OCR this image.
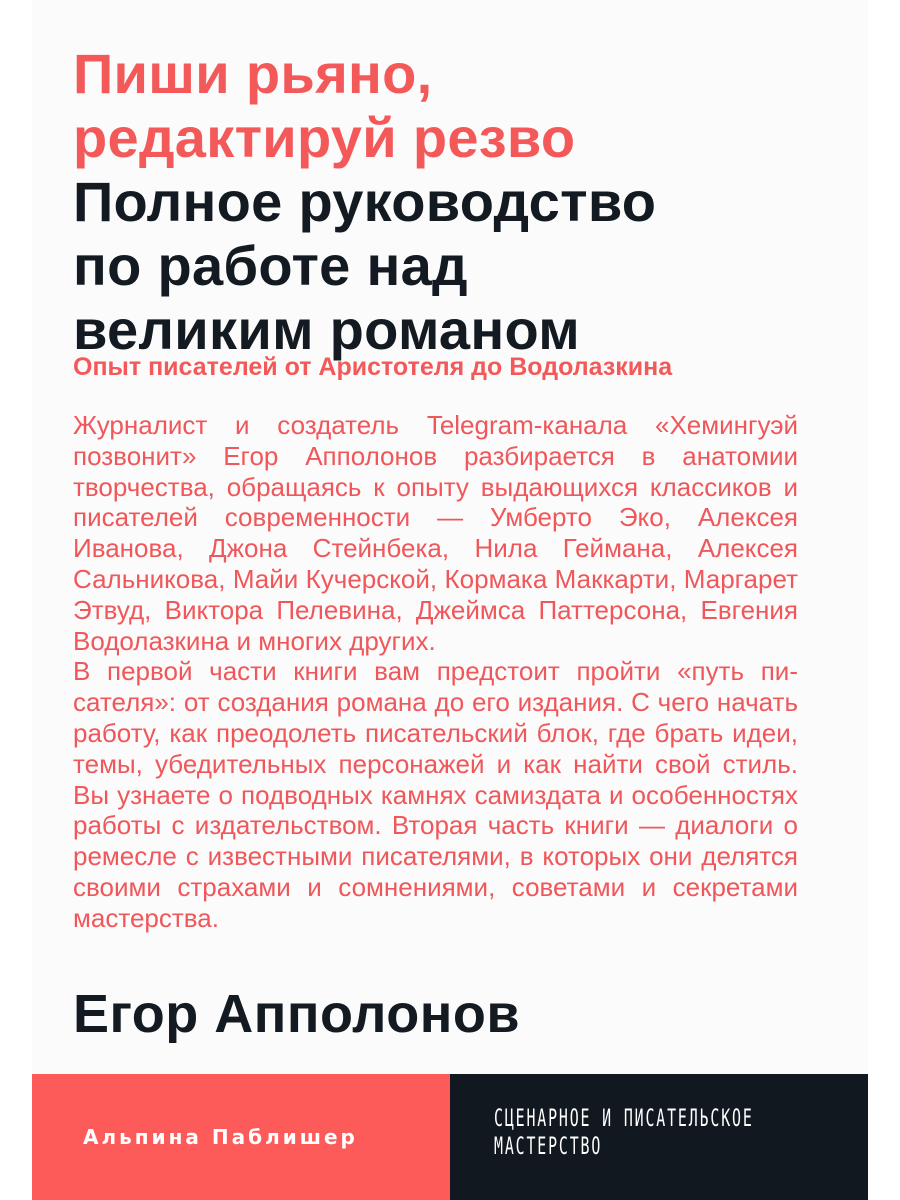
Пиши рьяно,
редактируй резво
Полное руководство
по работе над
великим романом
Опыт писателей от Аристотеля до Водолазкина

Журналист и создатель Telegram-канала «Хемингуэй позвонит» Егор Апполонов разбирается в анатомии творчества, обращаясь к опыту выдающихся классиков и писателей современности — Умберто Эко, Алексея Иванова, Джона Стейнбека, Нила Геймана, Алексея Сальникова, Майи Кучерской, Кормака Маккарти, Маргарет Этвуд, Виктора Пелевина, Джеймса Паттерсона, Евгения Водолазкина и многих других.

В первой части книги вам предстоит пройти «путь писателя»: от создания романа до его издания. С чего начать работу, как преодолеть писательский блок, где брать идеи, темы, убедительных персонажей и как найти свой стиль. Вы узнаете о подводных камнях самиздата и особенностях работы с издательством. Вторая часть книги — диалоги о ремесле с известными писателями, в которых они делятся своими страхами и сомнениями, советами и секретами мастерства.

Егор Апполонов
Альпина Паблишер
СЦЕНАРНОЕ И ПИСАТЕЛЬСКОЕ
МАСТЕРСТВО
